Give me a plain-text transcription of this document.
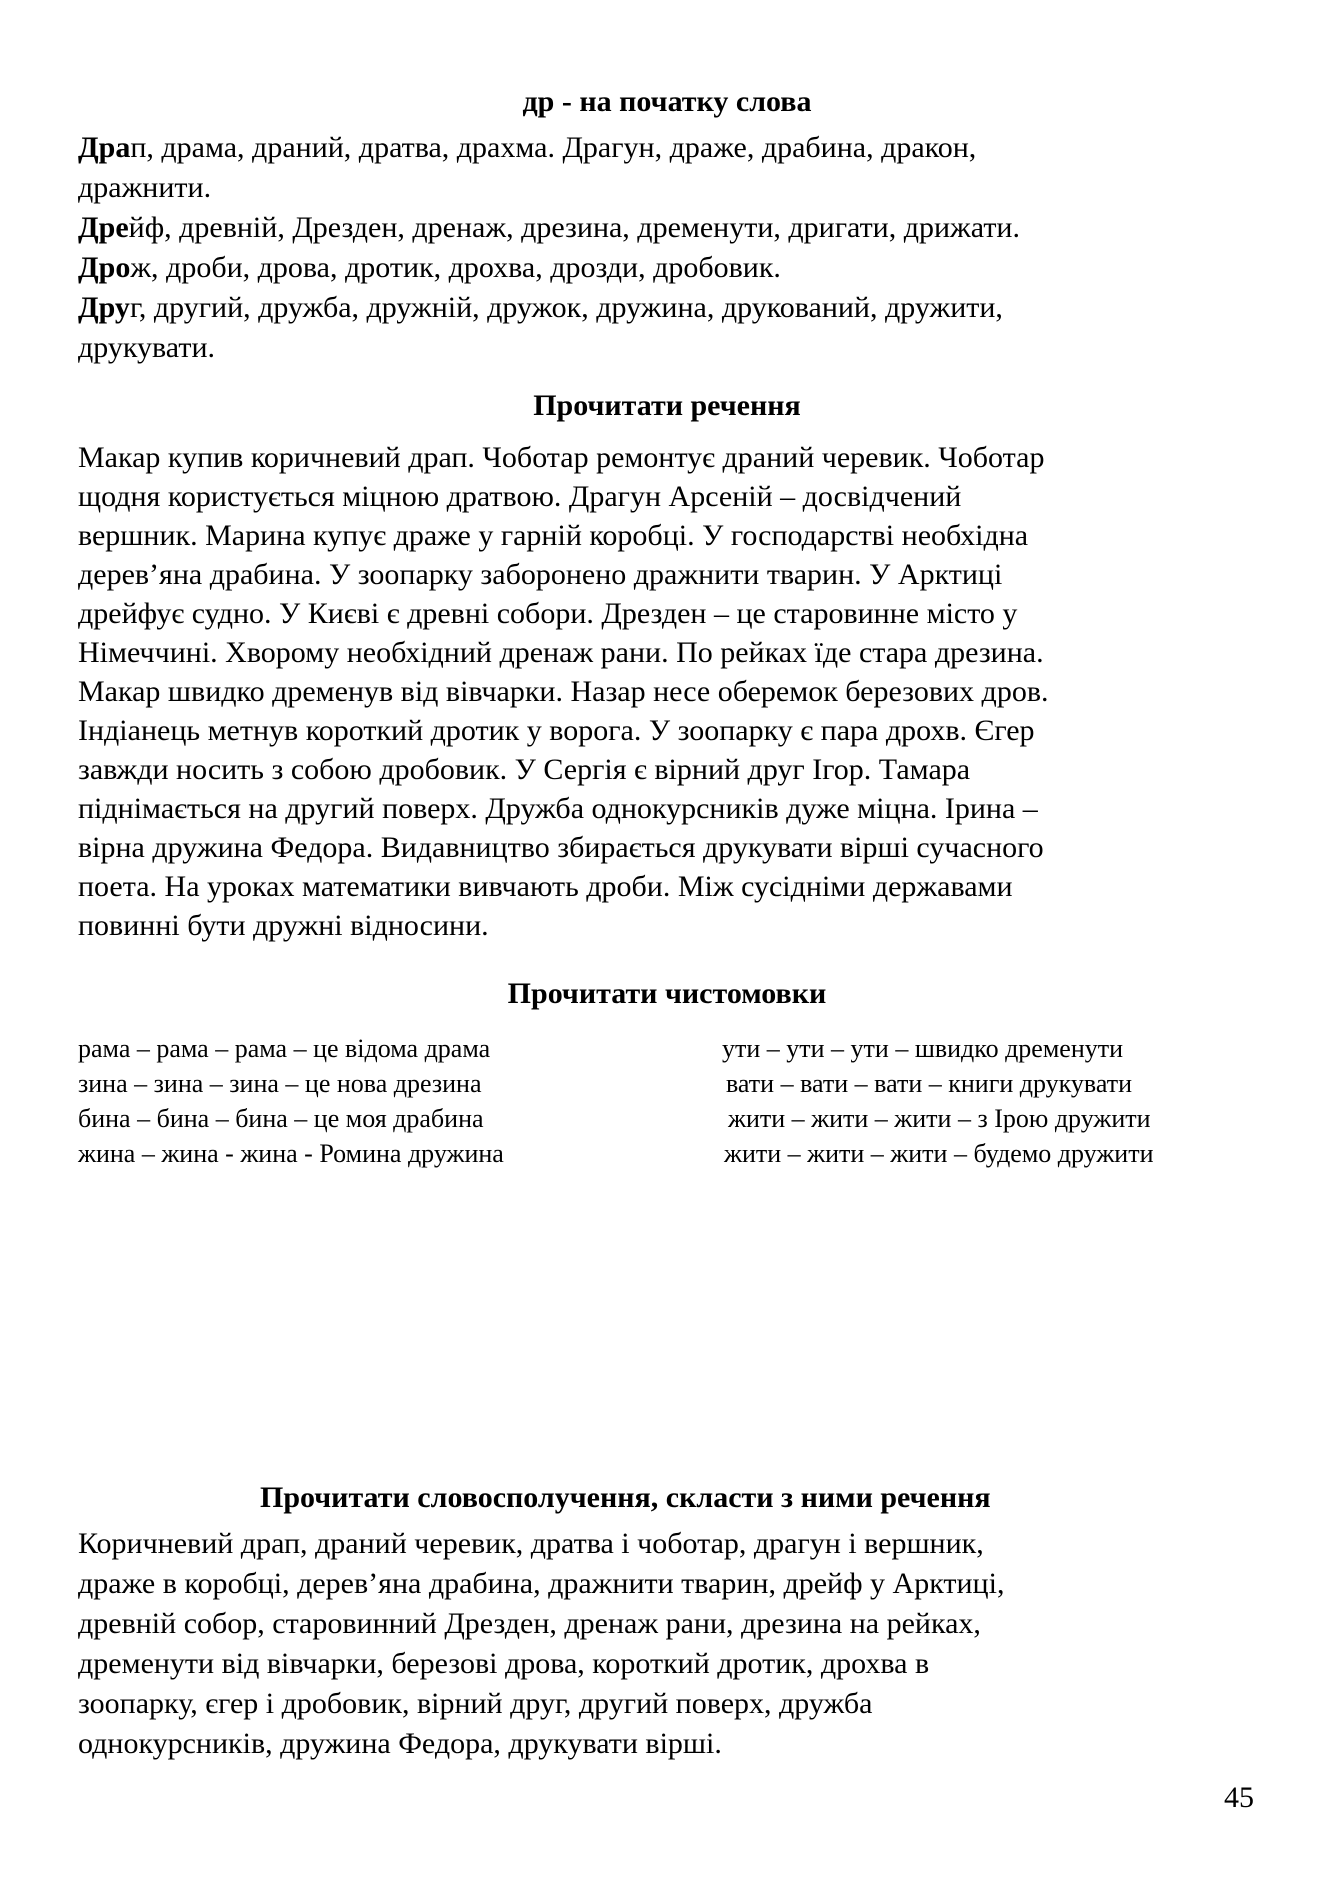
др - на початку слова
Драп, драма, драний, дратва, драхма. Драгун, драже, драбина, дракон,
дражнити.
Дрейф, древній, Дрезден, дренаж, дрезина, дременути, дригати, дрижати.
Дрож, дроби, дрова, дротик, дрохва, дрозди, дробовик.
Друг, другий, дружба, дружній, дружок, дружина, друкований, дружити,
друкувати.
Прочитати речення
Макар купив коричневий драп. Чоботар ремонтує драний черевик. Чоботар
щодня користується міцною дратвою. Драгун Арсеній – досвідчений
вершник. Марина купує драже у гарній коробці. У господарстві необхідна
дерев’яна драбина. У зоопарку заборонено дражнити тварин. У Арктиці
дрейфує судно. У Києві є древні собори. Дрезден – це старовинне місто у
Німеччині. Хворому необхідний дренаж рани. По рейках їде стара дрезина.
Макар швидко дременув від вівчарки. Назар несе оберемок березових дров.
Індіанець метнув короткий дротик у ворога. У зоопарку є пара дрохв. Єгер
завжди носить з собою дробовик. У Сергія є вірний друг Ігор. Тамара
піднімається на другий поверх. Дружба однокурсників дуже міцна. Ірина –
вірна дружина Федора. Видавництво збирається друкувати вірші сучасного
поета. На уроках математики вивчають дроби. Між сусідніми державами
повинні бути дружні відносини.
Прочитати чистомовки
рама – рама – рама – це відома драма
зина – зина – зина – це нова дрезина
бина – бина – бина – це моя драбина
жина – жина - жина - Ромина дружина
ути – ути – ути – швидко дременути
вати – вати – вати – книги друкувати
жити – жити – жити – з Ірою дружити
жити – жити – жити – будемо дружити
Прочитати словосполучення, скласти з ними речення
Коричневий драп, драний черевик, дратва і чоботар, драгун і вершник,
драже в коробці, дерев’яна драбина, дражнити тварин, дрейф у Арктиці,
древній собор, старовинний Дрезден, дренаж рани, дрезина на рейках,
дременути від вівчарки, березові дрова, короткий дротик, дрохва в
зоопарку, єгер і дробовик, вірний друг, другий поверх, дружба
однокурсників, дружина Федора, друкувати вірші.
45
